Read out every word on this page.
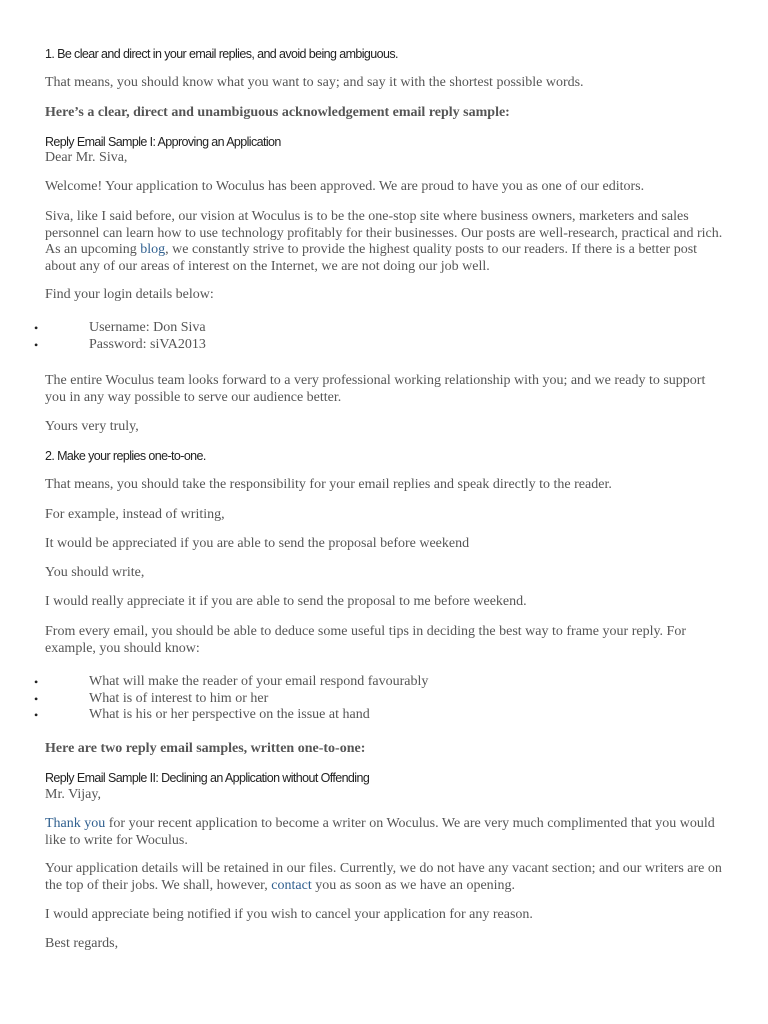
1. Be clear and direct in your email replies, and avoid being ambiguous.

That means, you should know what you want to say; and say it with the shortest possible words.

Here’s a clear, direct and unambiguous acknowledgement email reply sample:

Reply Email Sample I: Approving an Application

Dear Mr. Siva,

Welcome! Your application to Woculus has been approved. We are proud to have you as one of our editors.

Siva, like I said before, our vision at Woculus is to be the one-stop site where business owners, marketers and sales personnel can learn how to use technology profitably for their businesses. Our posts are well-research, practical and rich. As an upcoming blog, we constantly strive to provide the highest quality posts to our readers. If there is a better post about any of our areas of interest on the Internet, we are not doing our job well.

Find your login details below:

• Username: Don Siva
• Password: siVA2013

The entire Woculus team looks forward to a very professional working relationship with you; and we ready to support you in any way possible to serve our audience better.

Yours very truly,

2. Make your replies one-to-one.

That means, you should take the responsibility for your email replies and speak directly to the reader.

For example, instead of writing,

It would be appreciated if you are able to send the proposal before weekend

You should write,

I would really appreciate it if you are able to send the proposal to me before weekend.

From every email, you should be able to deduce some useful tips in deciding the best way to frame your reply. For example, you should know:

• What will make the reader of your email respond favourably
• What is of interest to him or her
• What is his or her perspective on the issue at hand

Here are two reply email samples, written one-to-one:

Reply Email Sample II: Declining an Application without Offending

Mr. Vijay,

Thank you for your recent application to become a writer on Woculus. We are very much complimented that you would like to write for Woculus.

Your application details will be retained in our files. Currently, we do not have any vacant section; and our writers are on the top of their jobs. We shall, however, contact you as soon as we have an opening.

I would appreciate being notified if you wish to cancel your application for any reason.

Best regards,
